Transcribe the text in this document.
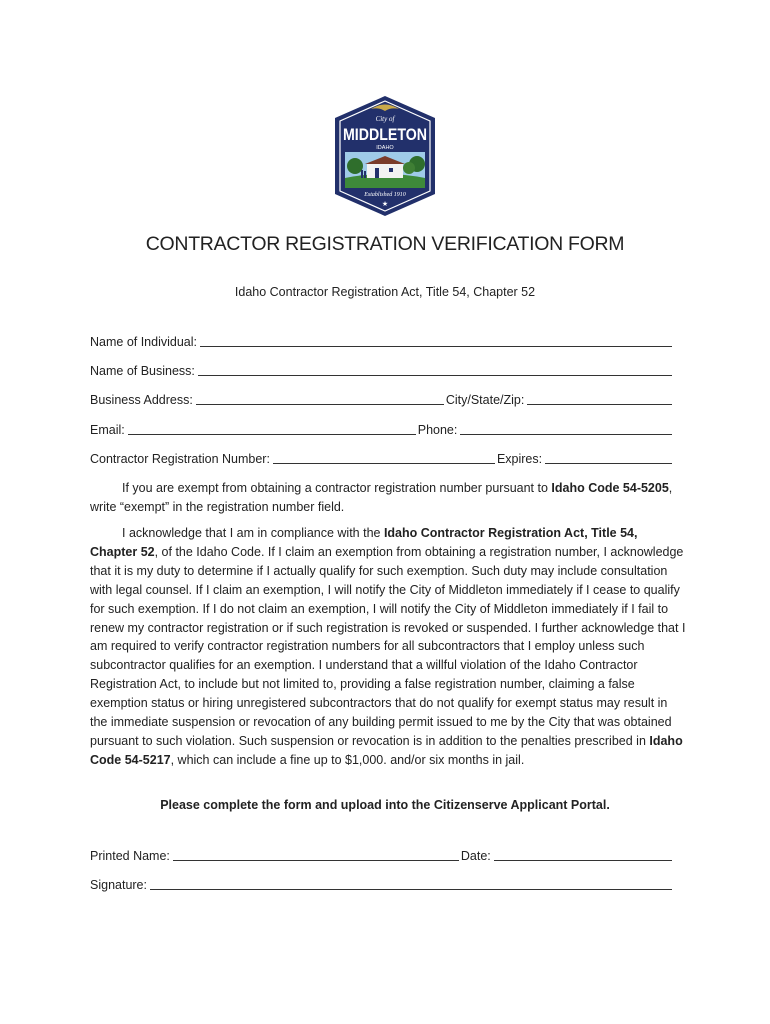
★
City of
MIDDLETON
IDAHO
Established 1910
CONTRACTOR REGISTRATION VERIFICATION FORM
Idaho Contractor Registration Act, Title 54, Chapter 52
Name of Individual:
Name of Business:
Business Address:	City/State/Zip:
Email:	Phone:
Contractor Registration Number:	Expires:
If you are exempt from obtaining a contractor registration number pursuant to Idaho Code 54-5205, write “exempt” in the registration number field.
I acknowledge that I am in compliance with the Idaho Contractor Registration Act, Title 54, Chapter 52, of the Idaho Code. If I claim an exemption from obtaining a registration number, I acknowledge that it is my duty to determine if I actually qualify for such exemption. Such duty may include consultation with legal counsel. If I claim an exemption, I will notify the City of Middleton immediately if I cease to qualify for such exemption. If I do not claim an exemption, I will notify the City of Middleton immediately if I fail to renew my contractor registration or if such registration is revoked or suspended. I further acknowledge that I am required to verify contractor registration numbers for all subcontractors that I employ unless such subcontractor qualifies for an exemption. I understand that a willful violation of the Idaho Contractor Registration Act, to include but not limited to, providing a false registration number, claiming a false exemption status or hiring unregistered subcontractors that do not qualify for exempt status may result in the immediate suspension or revocation of any building permit issued to me by the City that was obtained pursuant to such violation. Such suspension or revocation is in addition to the penalties prescribed in Idaho Code 54-5217, which can include a fine up to $1,000. and/or six months in jail.
Please complete the form and upload into the Citizenserve Applicant Portal.
Printed Name:	Date:
Signature:
